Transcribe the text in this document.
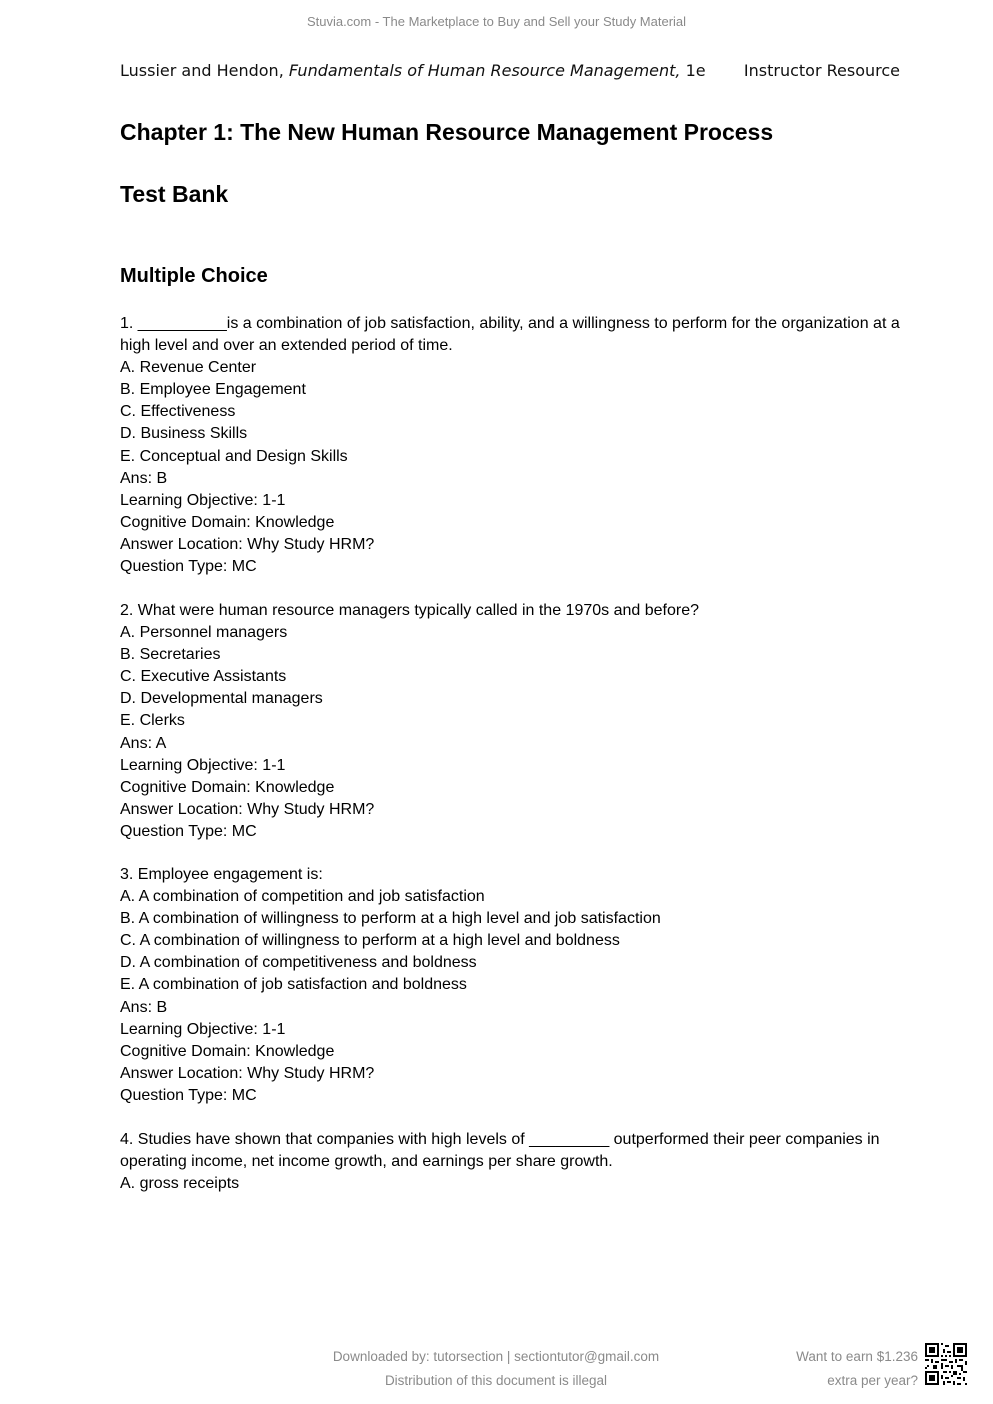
Stuvia.com - The Marketplace to Buy and Sell your Study Material
Lussier and Hendon, Fundamentals of Human Resource Management, 1e Instructor Resource
Chapter 1: The New Human Resource Management Process
Test Bank
Multiple Choice
1. __________is a combination of job satisfaction, ability, and a willingness to perform for the organization at a high level and over an extended period of time.
A. Revenue Center
B. Employee Engagement
C. Effectiveness
D. Business Skills
E. Conceptual and Design Skills
Ans: B
Learning Objective: 1-1
Cognitive Domain: Knowledge
Answer Location: Why Study HRM?
Question Type: MC
2. What were human resource managers typically called in the 1970s and before?
A. Personnel managers
B. Secretaries
C. Executive Assistants
D. Developmental managers
E. Clerks
Ans: A
Learning Objective: 1-1
Cognitive Domain: Knowledge
Answer Location: Why Study HRM?
Question Type: MC
3. Employee engagement is:
A. A combination of competition and job satisfaction
B. A combination of willingness to perform at a high level and job satisfaction
C. A combination of willingness to perform at a high level and boldness
D. A combination of competitiveness and boldness
E. A combination of job satisfaction and boldness
Ans: B
Learning Objective: 1-1
Cognitive Domain: Knowledge
Answer Location: Why Study HRM?
Question Type: MC
4. Studies have shown that companies with high levels of _________ outperformed their peer companies in operating income, net income growth, and earnings per share growth.
A. gross receipts
Downloaded by: tutorsection | sectiontutor@gmail.com
Distribution of this document is illegal
Want to earn $1.236
extra per year?
